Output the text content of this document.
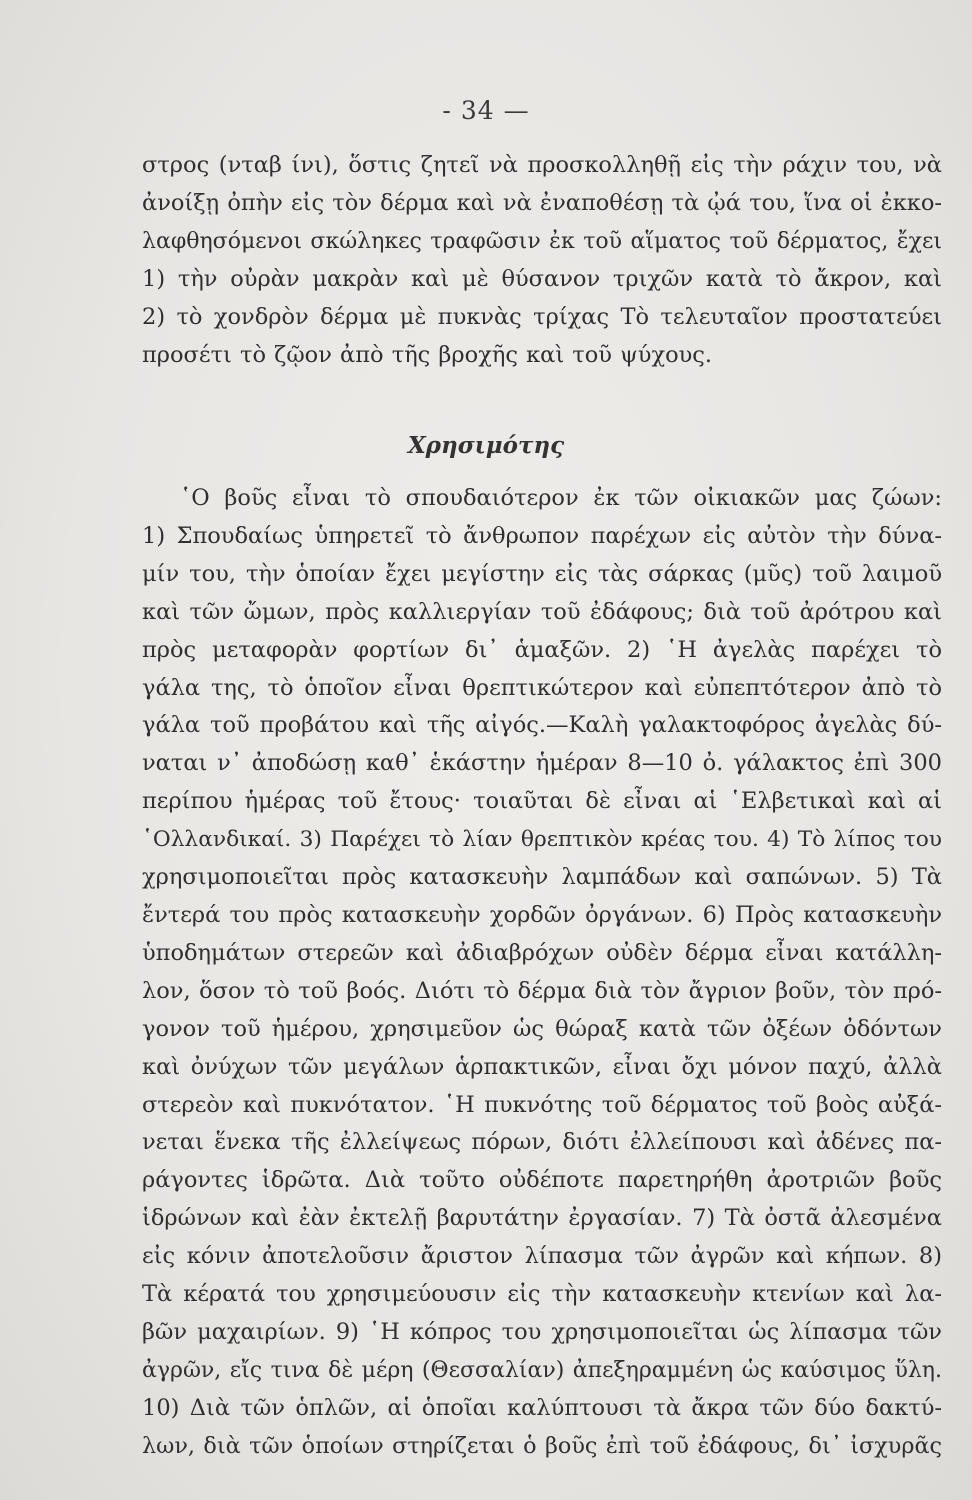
- 34 —
στρος (νταβ ίνι), ὅστις ζητεῖ νὰ προσκολληθῇ εἰς τὴν ράχιν του, νὰ
ἀνοίξῃ ὀπὴν εἰς τὸν δέρμα καὶ νὰ ἐναποθέσῃ τὰ ᾠά του, ἵνα οἱ ἐκκο-
λαφθησόμενοι σκώληκες τραφῶσιν ἐκ τοῦ αἵματος τοῦ δέρματος, ἔχει
1) τὴν οὐρὰν μακρὰν καὶ μὲ θύσανον τριχῶν κατὰ τὸ ἄκρον, καὶ
2) τὸ χονδρὸν δέρμα μὲ πυκνὰς τρίχας Τὸ τελευταῖον προστατεύει
προσέτι τὸ ζῷον ἀπὸ τῆς βροχῆς καὶ τοῦ ψύχους.
Χρησιμότης
῾Ο βοῦς εἶναι τὸ σπουδαιότερον ἐκ τῶν οἰκιακῶν μας ζώων:
1) Σπουδαίως ὑπηρετεῖ τὸ ἄνθρωπον παρέχων εἰς αὐτὸν τὴν δύνα-
μίν του, τὴν ὁποίαν ἔχει μεγίστην εἰς τὰς σάρκας (μῦς) τοῦ λαιμοῦ
καὶ τῶν ὤμων, πρὸς καλλιεργίαν τοῦ ἐδάφους; διὰ τοῦ ἀρότρου καὶ
πρὸς μεταφορὰν φορτίων δι᾽ ἁμαξῶν. 2) ῾Η ἀγελὰς παρέχει τὸ
γάλα της, τὸ ὁποῖον εἶναι θρεπτικώτερον καὶ εὐπεπτότερον ἀπὸ τὸ
γάλα τοῦ προβάτου καὶ τῆς αἰγός.—Καλὴ γαλακτοφόρος ἀγελὰς δύ-
ναται ν᾽ ἀποδώσῃ καθ᾽ ἑκάστην ἡμέραν 8—10 ὀ. γάλακτος ἐπὶ 300
περίπου ἡμέρας τοῦ ἔτους· τοιαῦται δὲ εἶναι αἱ ῾Ελβετικαὶ καὶ αἱ
῾Ολλανδικαί. 3) Παρέχει τὸ λίαν θρεπτικὸν κρέας του. 4) Τὸ λίπος του
χρησιμοποιεῖται πρὸς κατασκευὴν λαμπάδων καὶ σαπώνων. 5) Τὰ
ἔντερά του πρὸς κατασκευὴν χορδῶν ὀργάνων. 6) Πρὸς κατασκευὴν
ὑποδημάτων στερεῶν καὶ ἀδιαβρόχων οὐδὲν δέρμα εἶναι κατάλλη-
λον, ὅσον τὸ τοῦ βοός. Διότι τὸ δέρμα διὰ τὸν ἄγριον βοῦν, τὸν πρό-
γονον τοῦ ἡμέρου, χρησιμεῦον ὡς θώραξ κατὰ τῶν ὀξέων ὀδόντων
καὶ ὀνύχων τῶν μεγάλων ἁρπακτικῶν, εἶναι ὄχι μόνον παχύ, ἀλλὰ
στερεὸν καὶ πυκνότατον. ῾Η πυκνότης τοῦ δέρματος τοῦ βοὸς αὐξά-
νεται ἕνεκα τῆς ἐλλείψεως πόρων, διότι ἐλλείπουσι καὶ ἀδένες πα-
ράγοντες ἱδρῶτα. Διὰ τοῦτο οὐδέποτε παρετηρήθη ἀροτριῶν βοῦς
ἱδρώνων καὶ ἐὰν ἐκτελῇ βαρυτάτην ἐργασίαν. 7) Τὰ ὀστᾶ ἀλεσμένα
εἰς κόνιν ἀποτελοῦσιν ἄριστον λίπασμα τῶν ἀγρῶν καὶ κήπων. 8)
Τὰ κέρατά του χρησιμεύουσιν εἰς τὴν κατασκευὴν κτενίων καὶ λα-
βῶν μαχαιρίων. 9) ῾Η κόπρος του χρησιμοποιεῖται ὡς λίπασμα τῶν
ἀγρῶν, εἴς τινα δὲ μέρη (Θεσσαλίαν) ἀπεξηραμμένη ὡς καύσιμος ὕλη.
10) Διὰ τῶν ὁπλῶν, αἱ ὁποῖαι καλύπτουσι τὰ ἄκρα τῶν δύο δακτύ-
λων, διὰ τῶν ὁποίων στηρίζεται ὁ βοῦς ἐπὶ τοῦ ἐδάφους, δι᾽ ἰσχυρᾶς
